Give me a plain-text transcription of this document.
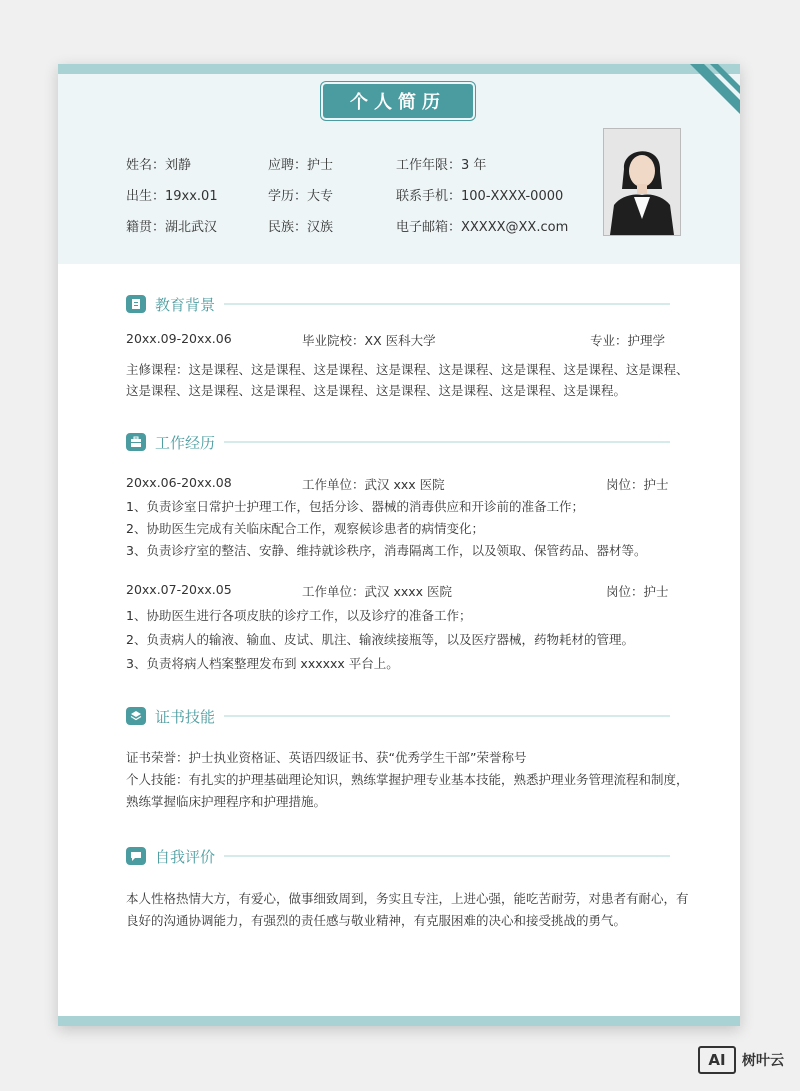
个人简历
姓名：刘静	应聘：护士	工作年限：3 年
出生：19xx.01	学历：大专	联系手机：100-XXXX-0000
籍贯：湖北武汉	民族：汉族	电子邮箱：XXXXX@XX.com
教育背景
20xx.09-20xx.06	毕业院校：XX 医科大学	专业：护理学
主修课程：这是课程、这是课程、这是课程、这是课程、这是课程、这是课程、这是课程、这是课程、
这是课程、这是课程、这是课程、这是课程、这是课程、这是课程、这是课程、这是课程。
工作经历
20xx.06-20xx.08	工作单位：武汉 xxx 医院	岗位：护士
1、负责诊室日常护士护理工作，包括分诊、器械的消毒供应和开诊前的准备工作；
2、协助医生完成有关临床配合工作，观察候诊患者的病情变化；
3、负责诊疗室的整洁、安静、维持就诊秩序，消毒隔离工作，以及领取、保管药品、器材等。
20xx.07-20xx.05	工作单位：武汉 xxxx 医院	岗位：护士
1、协助医生进行各项皮肤的诊疗工作，以及诊疗的准备工作；
2、负责病人的输液、输血、皮试、肌注、输液续接瓶等，以及医疗器械，药物耗材的管理。
3、负责将病人档案整理发布到 xxxxxx 平台上。
证书技能
证书荣誉：护士执业资格证、英语四级证书、获“优秀学生干部”荣誉称号
个人技能：有扎实的护理基础理论知识，熟练掌握护理专业基本技能，熟悉护理业务管理流程和制度，
熟练掌握临床护理程序和护理措施。
自我评价
本人性格热情大方，有爱心，做事细致周到，务实且专注，上进心强，能吃苦耐劳，对患者有耐心，有
良好的沟通协调能力，有强烈的责任感与敬业精神，有克服困难的决心和接受挑战的勇气。
AI	树叶云
